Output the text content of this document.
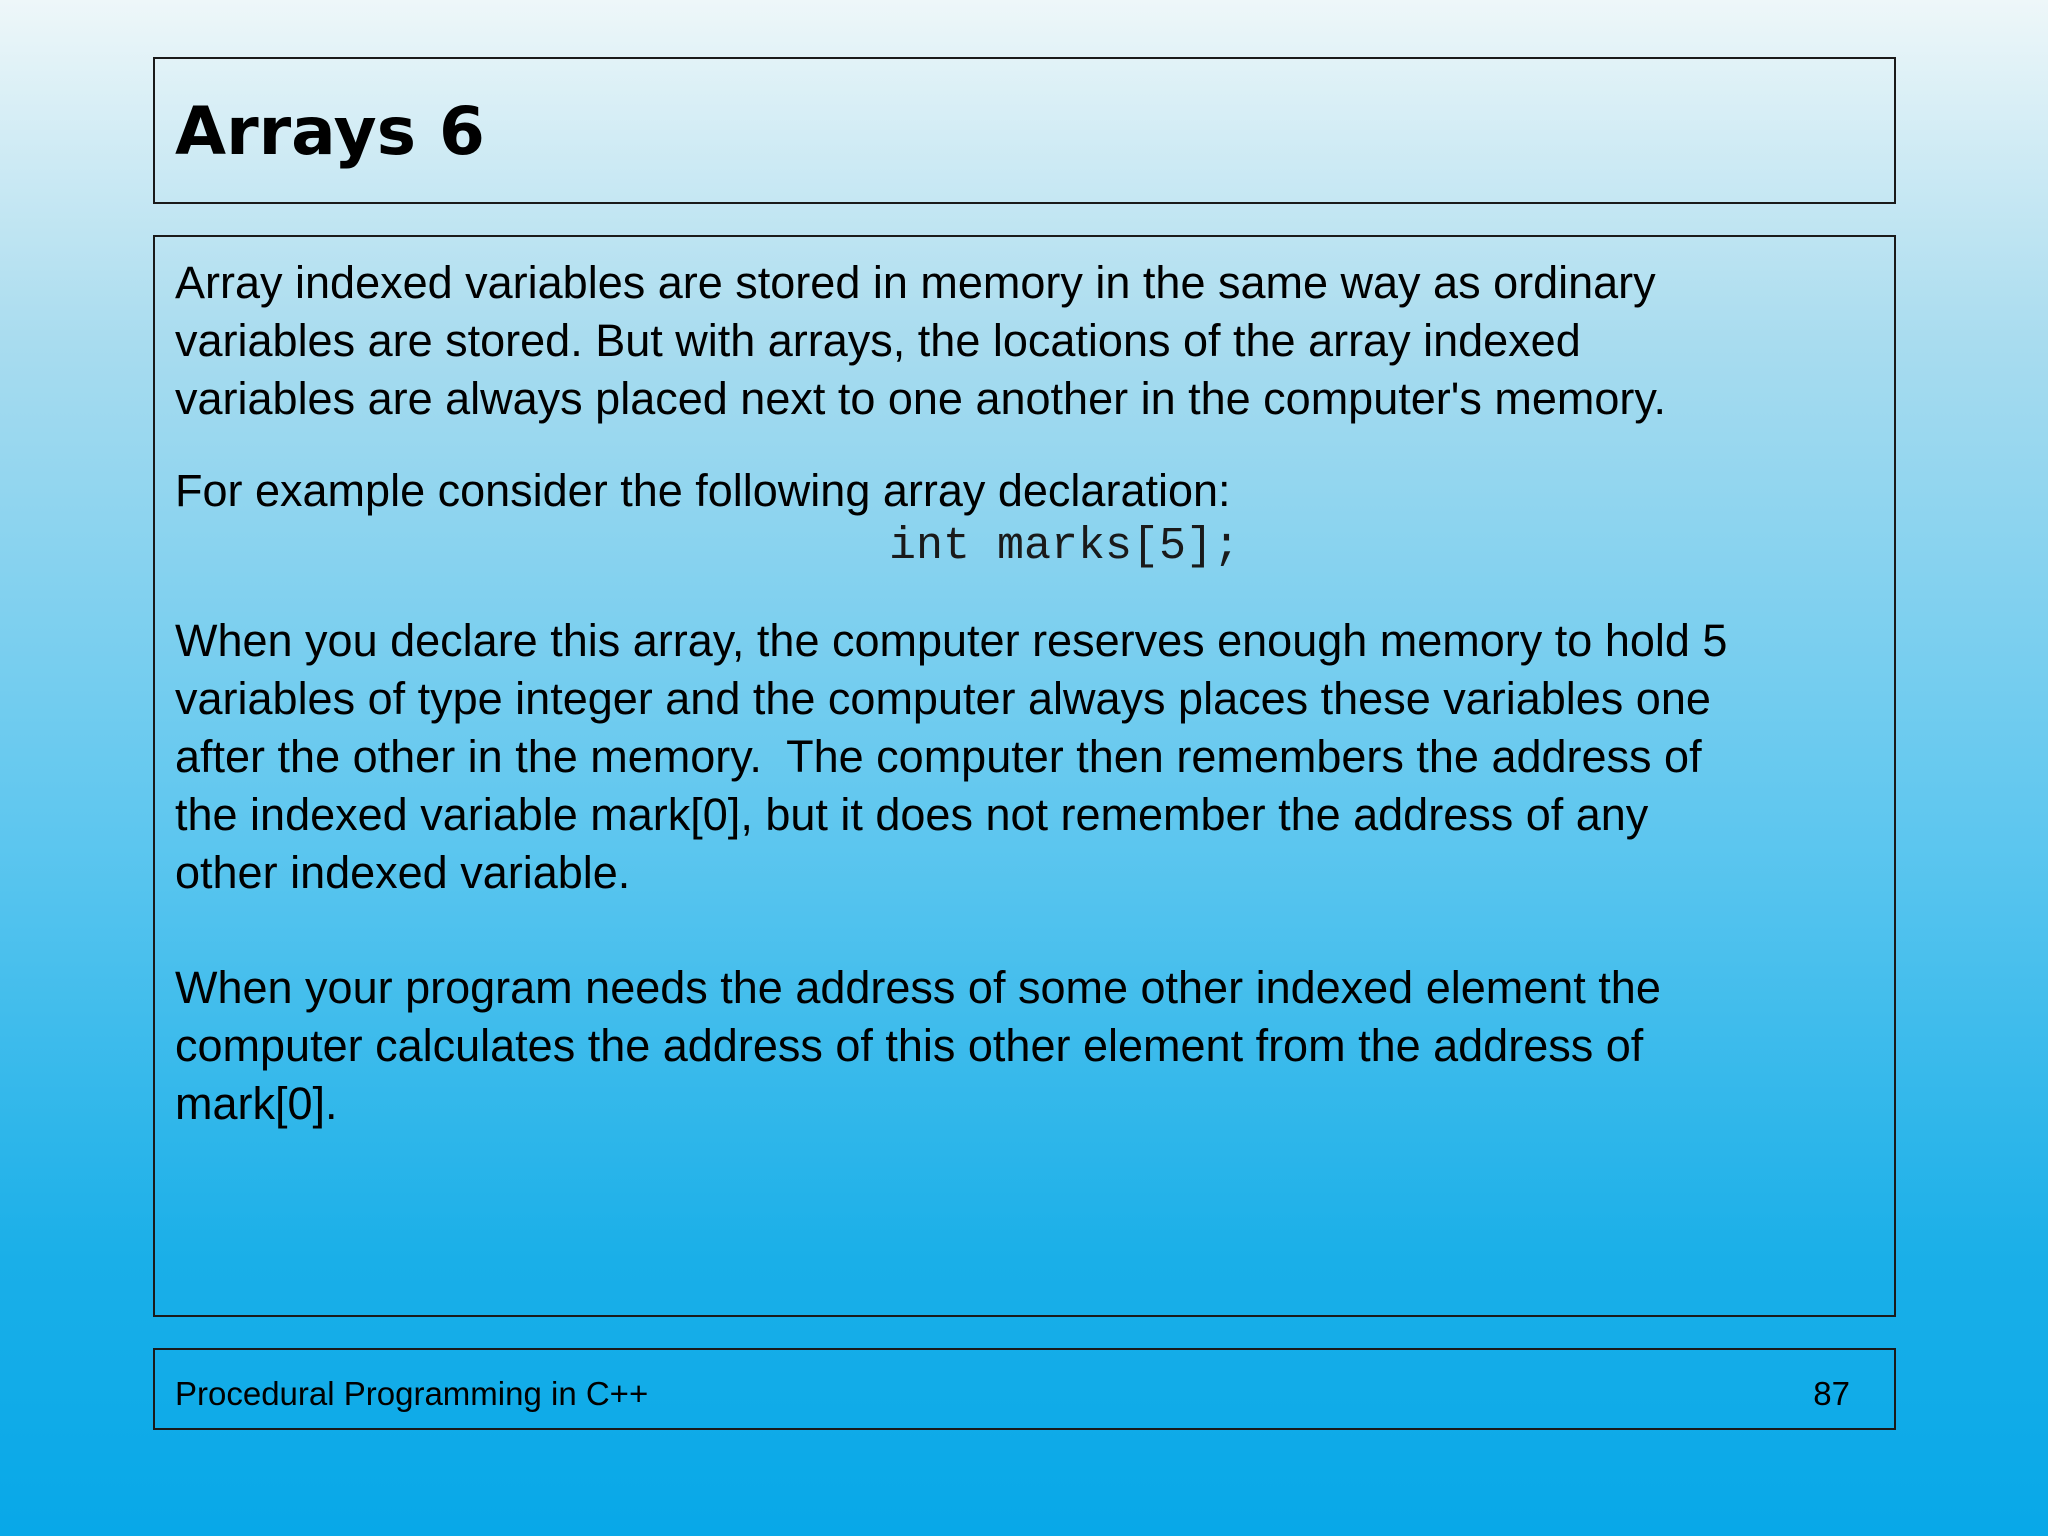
Arrays 6

Array indexed variables are stored in memory in the same way as ordinary
variables are stored. But with arrays, the locations of the array indexed
variables are always placed next to one another in the computer's memory.

For example consider the following array declaration:

int marks[5];

When you declare this array, the computer reserves enough memory to hold 5
variables of type integer and the computer always places these variables one
after the other in the memory.  The computer then remembers the address of
the indexed variable mark[0], but it does not remember the address of any
other indexed variable.

When your program needs the address of some other indexed element the
computer calculates the address of this other element from the address of
mark[0].

Procedural Programming in C++	87
